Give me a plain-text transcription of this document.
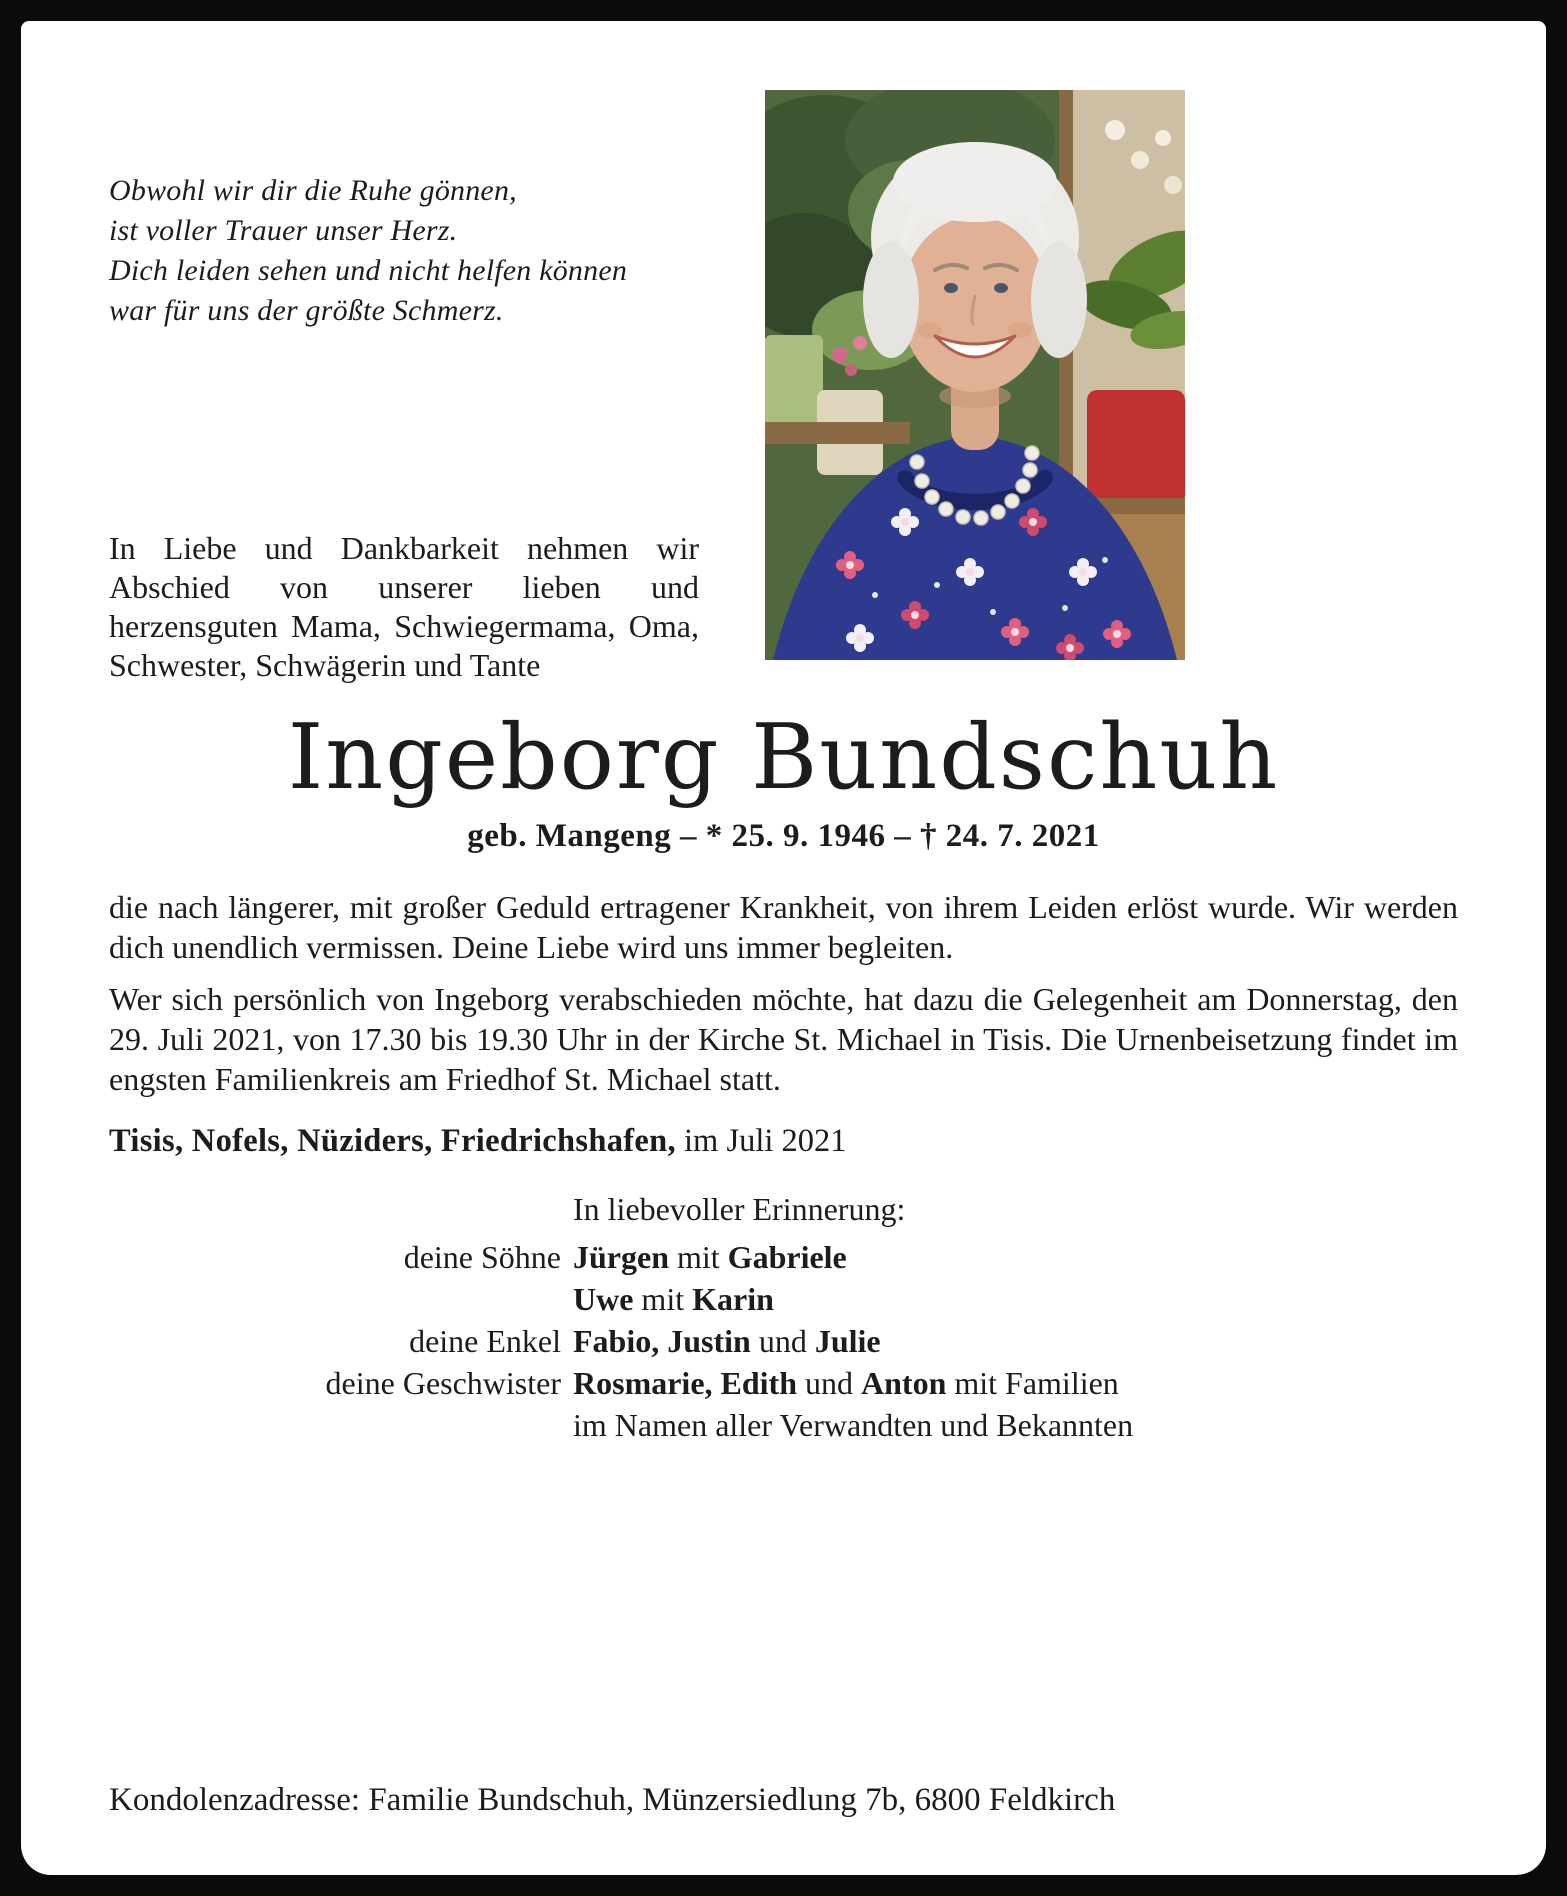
Obwohl wir dir die Ruhe gönnen,
ist voller Trauer unser Herz.
Dich leiden sehen und nicht helfen können
war für uns der größte Schmerz.

In Liebe und Dankbarkeit nehmen wir Abschied von unserer lieben und herzensguten Mama, Schwiegermama, Oma, Schwester, Schwägerin und Tante

Ingeborg Bundschuh
geb. Mangeng – * 25. 9. 1946 – † 24. 7. 2021

die nach längerer, mit großer Geduld ertragener Krankheit, von ihrem Leiden erlöst wurde. Wir werden dich unendlich vermissen. Deine Liebe wird uns immer begleiten.

Wer sich persönlich von Ingeborg verabschieden möchte, hat dazu die Gelegenheit am Donnerstag, den 29. Juli 2021, von 17.30 bis 19.30 Uhr in der Kirche St. Michael in Tisis. Die Urnenbeisetzung findet im engsten Familienkreis am Friedhof St. Michael statt.

Tisis, Nofels, Nüziders, Friedrichshafen, im Juli 2021

In liebevoller Erinnerung:
deine Söhne Jürgen mit Gabriele
Uwe mit Karin
deine Enkel Fabio, Justin und Julie
deine Geschwister Rosmarie, Edith und Anton mit Familien
im Namen aller Verwandten und Bekannten

Kondolenzadresse: Familie Bundschuh, Münzersiedlung 7b, 6800 Feldkirch
